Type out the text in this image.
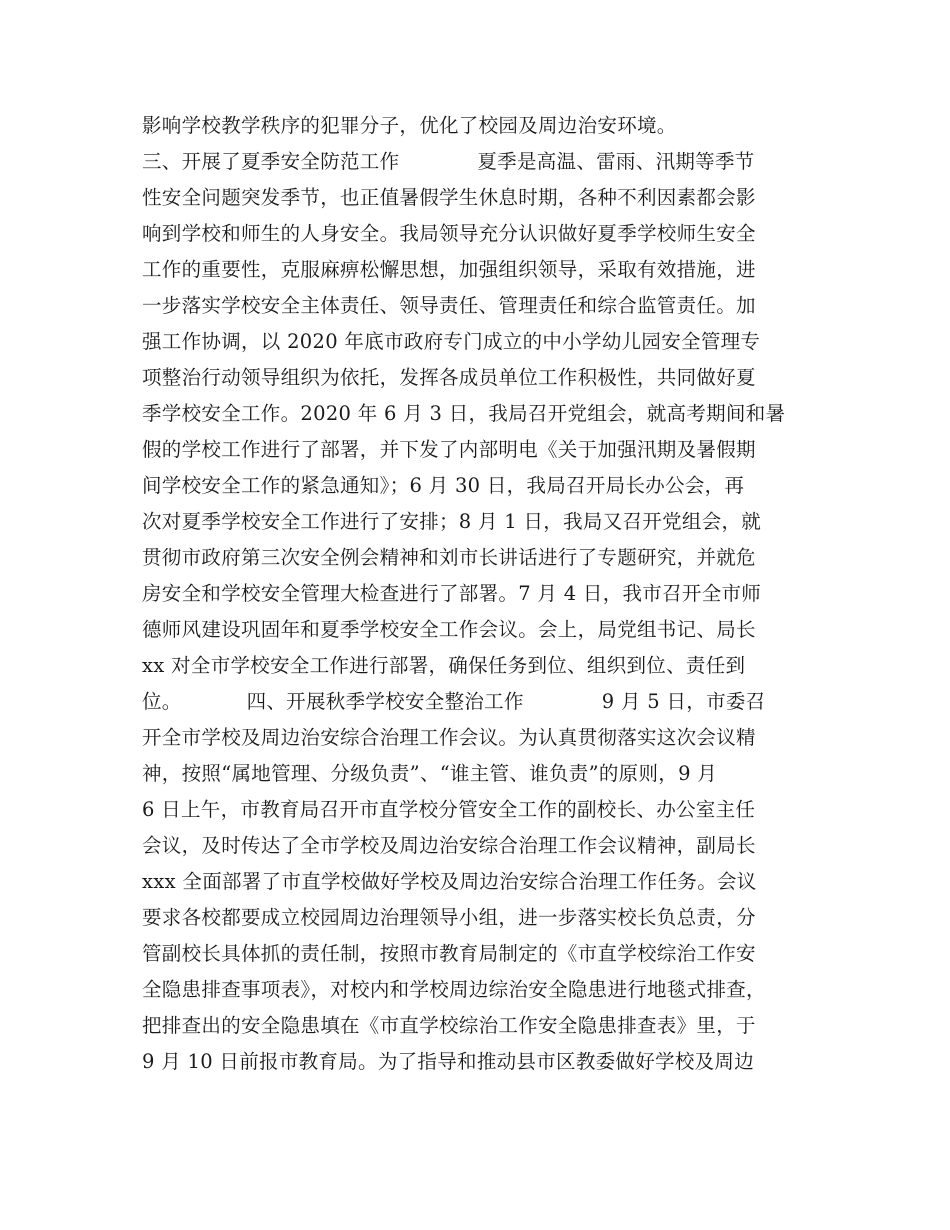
影响学校教学秩序的犯罪分子，优化了校园及周边治安环境。
三、开展了夏季安全防范工作            夏季是高温、雷雨、汛期等季节
性安全问题突发季节，也正值暑假学生休息时期，各种不利因素都会影
响到学校和师生的人身安全。我局领导充分认识做好夏季学校师生安全
工作的重要性，克服麻痹松懈思想，加强组织领导，采取有效措施，进
一步落实学校安全主体责任、领导责任、管理责任和综合监管责任。加
强工作协调，以 2020 年底市政府专门成立的中小学幼儿园安全管理专
项整治行动领导组织为依托，发挥各成员单位工作积极性，共同做好夏
季学校安全工作。2020 年 6 月 3 日，我局召开党组会，就高考期间和暑
假的学校工作进行了部署，并下发了内部明电《关于加强汛期及暑假期
间学校安全工作的紧急通知》；6 月 30 日，我局召开局长办公会，再
次对夏季学校安全工作进行了安排；8 月 1 日，我局又召开党组会，就
贯彻市政府第三次安全例会精神和刘市长讲话进行了专题研究，并就危
房安全和学校安全管理大检查进行了部署。7 月 4 日，我市召开全市师
德师风建设巩固年和夏季学校安全工作会议。会上，局党组书记、局长
xx 对全市学校安全工作进行部署，确保任务到位、组织到位、责任到
位。          四、开展秋季学校安全整治工作            9 月 5 日，市委召
开全市学校及周边治安综合治理工作会议。为认真贯彻落实这次会议精
神，按照“属地管理、分级负责”、“谁主管、谁负责”的原则，9 月
6 日上午，市教育局召开市直学校分管安全工作的副校长、办公室主任
会议，及时传达了全市学校及周边治安综合治理工作会议精神，副局长
xxx 全面部署了市直学校做好学校及周边治安综合治理工作任务。会议
要求各校都要成立校园周边治理领导小组，进一步落实校长负总责，分
管副校长具体抓的责任制，按照市教育局制定的《市直学校综治工作安
全隐患排查事项表》，对校内和学校周边综治安全隐患进行地毯式排查，
把排查出的安全隐患填在《市直学校综治工作安全隐患排查表》里，于
9 月 10 日前报市教育局。为了指导和推动县市区教委做好学校及周边
